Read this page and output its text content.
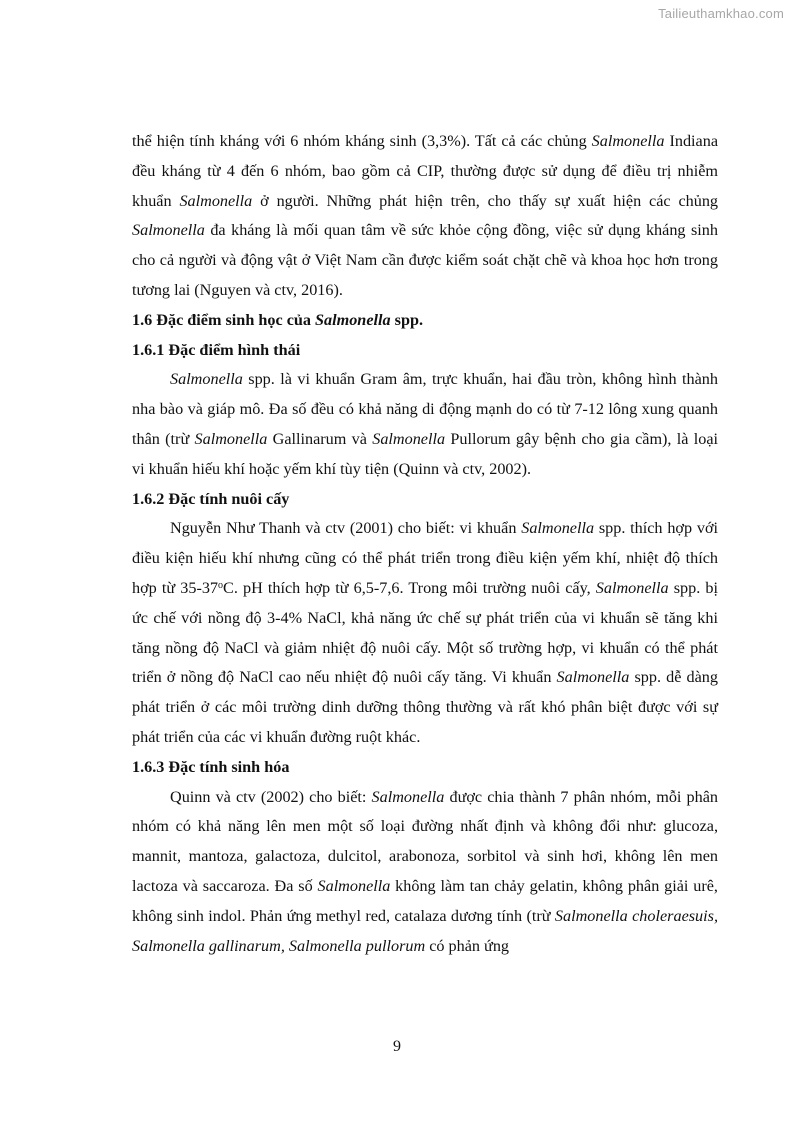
Tailieuthamkhao.com

thể hiện tính kháng với 6 nhóm kháng sinh (3,3%). Tất cả các chủng Salmonella Indiana đều kháng từ 4 đến 6 nhóm, bao gồm cả CIP, thường được sử dụng để điều trị nhiễm khuẩn Salmonella ở người. Những phát hiện trên, cho thấy sự xuất hiện các chủng Salmonella đa kháng là mối quan tâm về sức khỏe cộng đồng, việc sử dụng kháng sinh cho cả người và động vật ở Việt Nam cần được kiểm soát chặt chẽ và khoa học hơn trong tương lai (Nguyen và ctv, 2016).

1.6 Đặc điểm sinh học của Salmonella spp.
1.6.1 Đặc điểm hình thái

Salmonella spp. là vi khuẩn Gram âm, trực khuẩn, hai đầu tròn, không hình thành nha bào và giáp mô. Đa số đều có khả năng di động mạnh do có từ 7-12 lông xung quanh thân (trừ Salmonella Gallinarum và Salmonella Pullorum gây bệnh cho gia cầm), là loại vi khuẩn hiếu khí hoặc yếm khí tùy tiện (Quinn và ctv, 2002).

1.6.2 Đặc tính nuôi cấy

Nguyễn Như Thanh và ctv (2001) cho biết: vi khuẩn Salmonella spp. thích hợp với điều kiện hiếu khí nhưng cũng có thể phát triển trong điều kiện yếm khí, nhiệt độ thích hợp từ 35-37$^o$C. pH thích hợp từ 6,5-7,6. Trong môi trường nuôi cấy, Salmonella spp. bị ức chế với nồng độ 3-4% NaCl, khả năng ức chế sự phát triển của vi khuẩn sẽ tăng khi tăng nồng độ NaCl và giảm nhiệt độ nuôi cấy. Một số trường hợp, vi khuẩn có thể phát triển ở nồng độ NaCl cao nếu nhiệt độ nuôi cấy tăng. Vi khuẩn Salmonella spp. dễ dàng phát triển ở các môi trường dinh dưỡng thông thường và rất khó phân biệt được với sự phát triển của các vi khuẩn đường ruột khác.

1.6.3 Đặc tính sinh hóa

Quinn và ctv (2002) cho biết: Salmonella được chia thành 7 phân nhóm, mỗi phân nhóm có khả năng lên men một số loại đường nhất định và không đổi như: glucoza, mannit, mantoza, galactoza, dulcitol, arabonoza, sorbitol và sinh hơi, không lên men lactoza và saccaroza. Đa số Salmonella không làm tan chảy gelatin, không phân giải urê, không sinh indol. Phản ứng methyl red, catalaza dương tính (trừ Salmonella choleraesuis, Salmonella gallinarum, Salmonella pullorum có phản ứng

9
